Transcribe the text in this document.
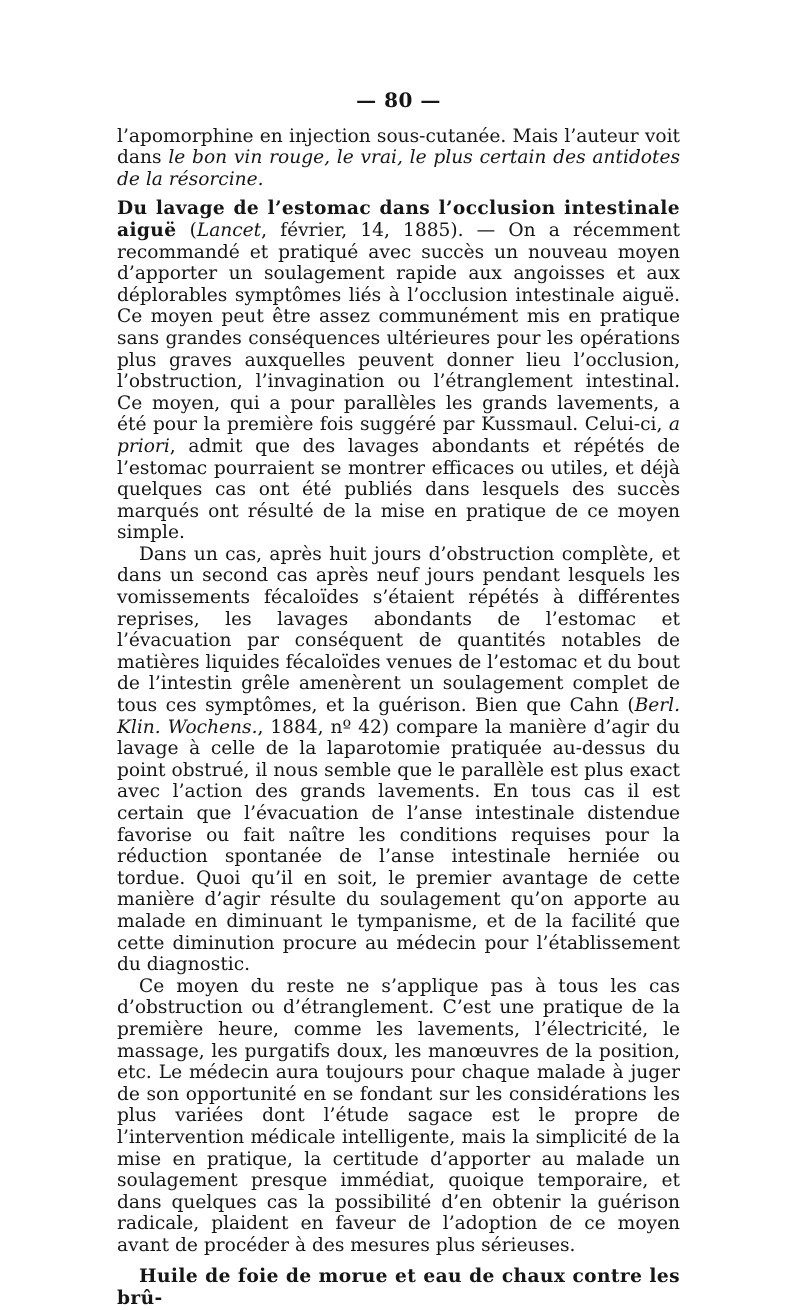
— 80 —

l’apomorphine en injection sous-cutanée. Mais l’auteur voit dans le bon vin rouge, le vrai, le plus certain des antidotes de la résorcine.

Du lavage de l’estomac dans l’occlusion intestinale aiguë (Lancet, février, 14, 1885). — On a récemment recommandé et pratiqué avec succès un nouveau moyen d’apporter un soulagement rapide aux angoisses et aux déplorables symptômes liés à l’occlusion intestinale aiguë. Ce moyen peut être assez communément mis en pratique sans grandes conséquences ultérieures pour les opérations plus graves auxquelles peuvent donner lieu l’occlusion, l’obstruction, l’invagination ou l’étranglement intestinal. Ce moyen, qui a pour parallèles les grands lavements, a été pour la première fois suggéré par Kussmaul. Celui-ci, a priori, admit que des lavages abondants et répétés de l’estomac pourraient se montrer efficaces ou utiles, et déjà quelques cas ont été publiés dans lesquels des succès marqués ont résulté de la mise en pratique de ce moyen simple.

Dans un cas, après huit jours d’obstruction complète, et dans un second cas après neuf jours pendant lesquels les vomissements fécaloïdes s’étaient répétés à différentes reprises, les lavages abondants de l’estomac et l’évacuation par conséquent de quantités notables de matières liquides fécaloïdes venues de l’estomac et du bout de l’intestin grêle amenèrent un soulagement complet de tous ces symptômes, et la guérison. Bien que Cahn (Berl. Klin. Wochens., 1884, nº 42) compare la manière d’agir du lavage à celle de la laparotomie pratiquée au-dessus du point obstrué, il nous semble que le parallèle est plus exact avec l’action des grands lavements. En tous cas il est certain que l’évacuation de l’anse intestinale distendue favorise ou fait naître les conditions requises pour la réduction spontanée de l’anse intestinale herniée ou tordue. Quoi qu’il en soit, le premier avantage de cette manière d’agir résulte du soulagement qu’on apporte au malade en diminuant le tympanisme, et de la facilité que cette diminution procure au médecin pour l’établissement du diagnostic.

Ce moyen du reste ne s’applique pas à tous les cas d’obstruction ou d’étranglement. C’est une pratique de la première heure, comme les lavements, l’électricité, le massage, les purgatifs doux, les manœuvres de la position, etc. Le médecin aura toujours pour chaque malade à juger de son opportunité en se fondant sur les considérations les plus variées dont l’étude sagace est le propre de l’intervention médicale intelligente, mais la simplicité de la mise en pratique, la certitude d’apporter au malade un soulagement presque immédiat, quoique temporaire, et dans quelques cas la possibilité d’en obtenir la guérison radicale, plaident en faveur de l’adoption de ce moyen avant de procéder à des mesures plus sérieuses.

Huile de foie de morue et eau de chaux contre les brû-
